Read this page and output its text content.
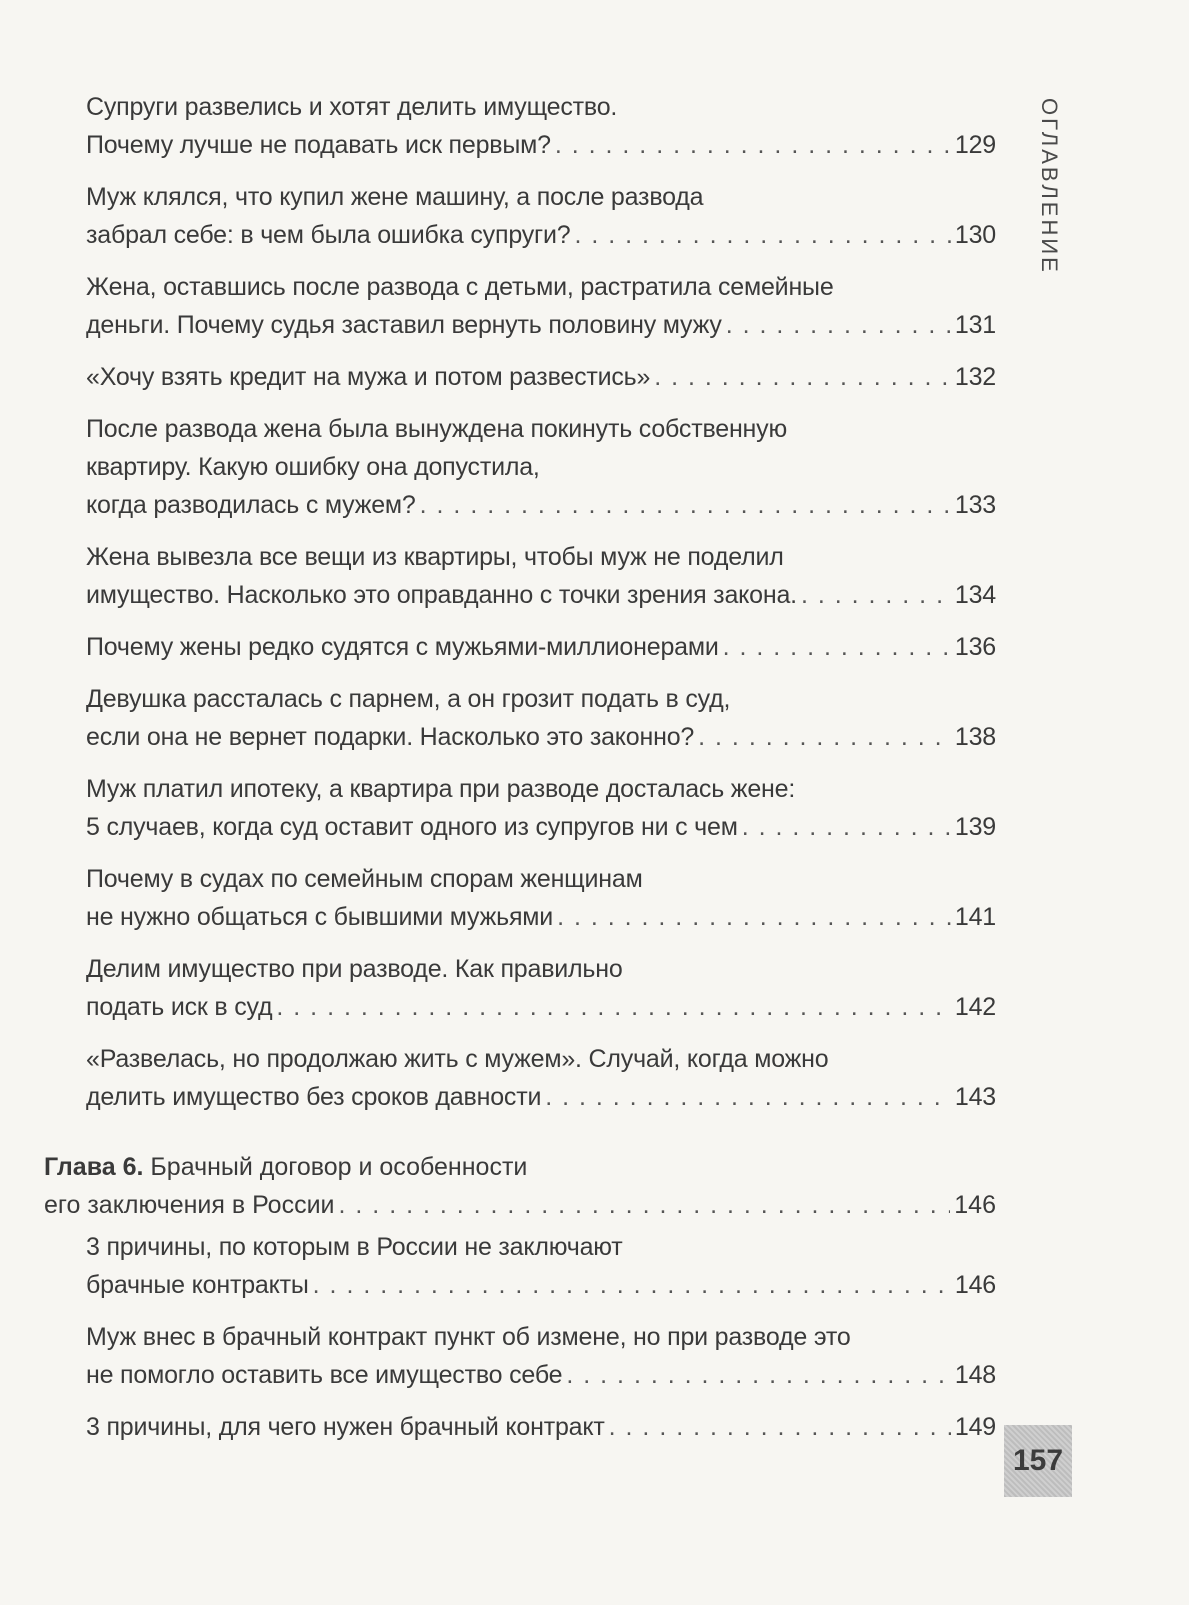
Супруги развелись и хотят делить имущество.
Почему лучше не подавать иск первым? . . .	129
Муж клялся, что купил жене машину, а после развода
забрал себе: в чем была ошибка супруги? . . .	130
Жена, оставшись после развода с детьми, растратила семейные
деньги. Почему судья заставил вернуть половину мужу . . .	131
«Хочу взять кредит на мужа и потом развестись» . . .	132
После развода жена была вынуждена покинуть собственную
квартиру. Какую ошибку она допустила,
когда разводилась с мужем? . . .	133
Жена вывезла все вещи из квартиры, чтобы муж не поделил
имущество. Насколько это оправданно с точки зрения закона. . . .	134
Почему жены редко судятся с мужьями-миллионерами . . .	136
Девушка рассталась с парнем, а он грозит подать в суд,
если она не вернет подарки. Насколько это законно? . . .	138
Муж платил ипотеку, а квартира при разводе досталась жене:
5 случаев, когда суд оставит одного из супругов ни с чем . . .	139
Почему в судах по семейным спорам женщинам
не нужно общаться с бывшими мужьями . . .	141
Делим имущество при разводе. Как правильно
подать иск в суд . . .	142
«Развелась, но продолжаю жить с мужем». Случай, когда можно
делить имущество без сроков давности . . .	143
Глава 6. Брачный договор и особенности
его заключения в России . . .	146
3 причины, по которым в России не заключают
брачные контракты . . .	146
Муж внес в брачный контракт пункт об измене, но при разводе это
не помогло оставить все имущество себе . . .	148
3 причины, для чего нужен брачный контракт . . .	149
ОГЛАВЛЕНИЕ
157
